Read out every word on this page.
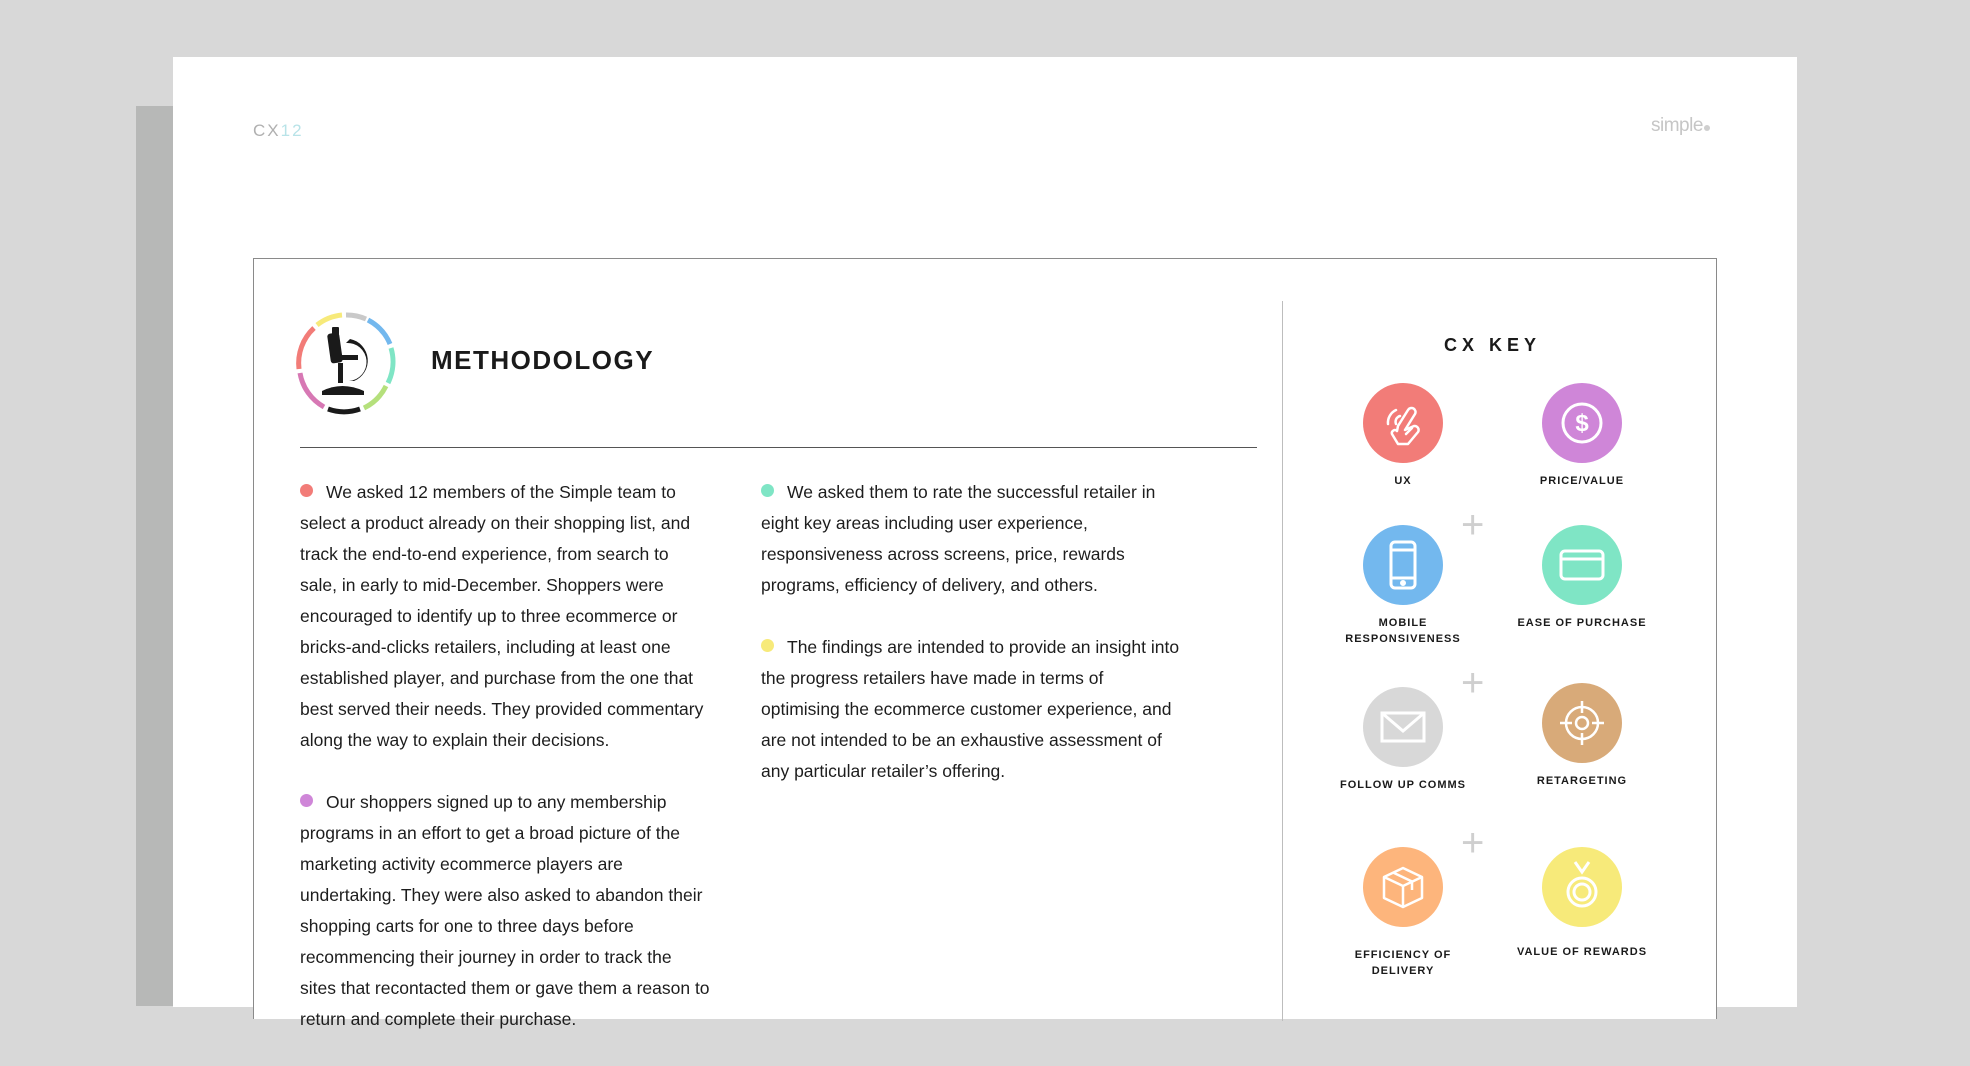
CX12	simple
METHODOLOGY

We asked 12 members of the Simple team to select a product already on their shopping list, and track the end-to-end experience, from search to sale, in early to mid-December. Shoppers were encouraged to identify up to three ecommerce or bricks-and-clicks retailers, including at least one established player, and purchase from the one that best served their needs. They provided commentary along the way to explain their decisions.

Our shoppers signed up to any membership programs in an effort to get a broad picture of the marketing activity ecommerce players are undertaking. They were also asked to abandon their shopping carts for one to three days before recommencing their journey in order to track the sites that recontacted them or gave them a reason to return and complete their purchase.

We asked them to rate the successful retailer in eight key areas including user experience, responsiveness across screens, price, rewards programs, efficiency of delivery, and others.

The findings are intended to provide an insight into the progress retailers have made in terms of optimising the ecommerce customer experience, and are not intended to be an exhaustive assessment of any particular retailer’s offering.

CX KEY
UX
$
PRICE/VALUE
+
MOBILE RESPONSIVENESS
EASE OF PURCHASE
+
FOLLOW UP COMMS	RETARGETING
+
EFFICIENCY OF DELIVERY
VALUE OF REWARDS
